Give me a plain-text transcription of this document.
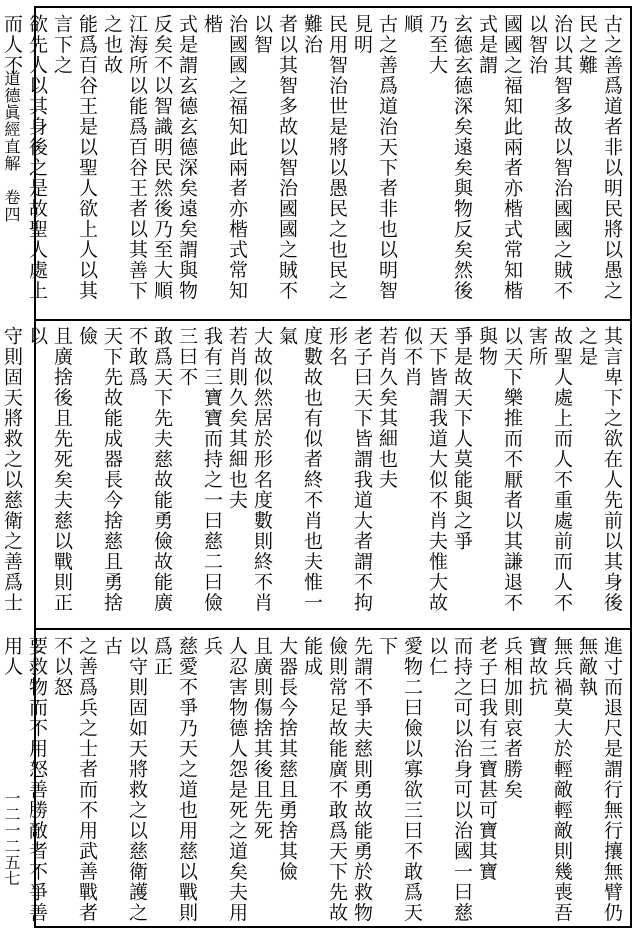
道德眞經直解　卷四
一二一二五七

古之善爲道者非以明民將以愚之民之難

治以其智多故以智治國國之賊不以智治

國國之福知此兩者亦楷式常知楷式是謂

玄德玄德深矣遠矣與物反矣然後乃至大

順

古之善爲道治天下者非也以明智見明

民用智治世是將以愚民之也民之難治

者以其智多故以智治國國之賊不以智

治國國之福知此兩者亦楷式常知楷

式是謂玄德玄德深矣遠矣謂與物

反矣不以智識明民然後乃至大順

江海所以能爲百谷王者以其善下之也故

能爲百谷王是以聖人欲上人以其言下之

欲先人以其身後之是故聖人處上而人不

其言卑下之欲在人先前以其身後之是

故聖人處上而人不重處前而人不害所

以天下樂推而不厭者以其謙退不與物

爭是故天下人莫能與之爭

天下皆謂我道大似不肖夫惟大故似不肖

若肖久矣其細也夫

老子曰天下皆謂我道大者謂不拘形名

度數故也有似者終不肖也夫惟一氣

大故似然居於形名度數則終不肖

若肖則久矣其細也夫

我有三寶寶而持之一曰慈二曰儉三曰不

敢爲天下先夫慈故能勇儉故能廣不敢爲

天下先故能成器長今捨慈且勇捨儉

且廣捨後且先死矣夫慈以戰則正以

守則固天將救之以慈衛之善爲士

進寸而退尺是謂行無行攘無臂仍無敵執

無兵禍莫大於輕敵輕敵則幾喪吾寶故抗

兵相加則哀者勝矣

老子曰我有三寶甚可寶其寶

而持之可以治身可以治國一曰慈以仁

愛物二曰儉以寡欲三曰不敢爲天下

先謂不爭夫慈則勇故能勇於救物

儉則常足故能廣不敢爲天下先故能成

大器長今捨其慈且勇捨其儉

且廣則傷捨其後且先死

人忍害物德人怨是死之道矣夫用兵

慈愛不爭乃天之道也用慈以戰則爲正

以守則固如天將救之以慈衛護之古

之善爲兵之士者而不用武善戰者不以怒

要救物而不用怒善勝敵者不爭善用人
